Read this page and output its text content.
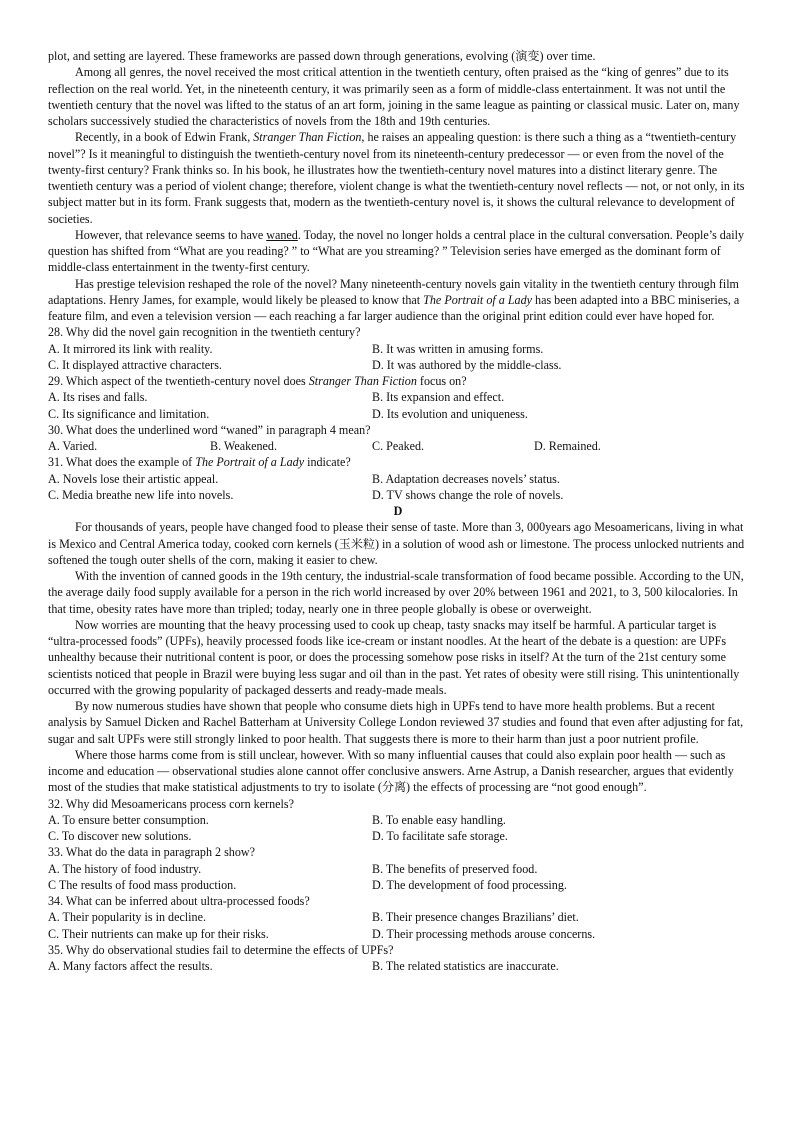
plot, and setting are layered. These frameworks are passed down through generations, evolving (演变) over time.

Among all genres, the novel received the most critical attention in the twentieth century, often praised as the “king of genres” due to its reflection on the real world. Yet, in the nineteenth century, it was primarily seen as a form of middle-class entertainment. It was not until the twentieth century that the novel was lifted to the status of an art form, joining in the same league as painting or classical music. Later on, many scholars successively studied the characteristics of novels from the 18th and 19th centuries.

Recently, in a book of Edwin Frank, Stranger Than Fiction, he raises an appealing question: is there such a thing as a “twentieth-century novel”? Is it meaningful to distinguish the twentieth-century novel from its nineteenth-century predecessor — or even from the novel of the twenty-first century? Frank thinks so. In his book, he illustrates how the twentieth-century novel matures into a distinct literary genre. The twentieth century was a period of violent change; therefore, violent change is what the twentieth-century novel reflects — not, or not only, in its subject matter but in its form. Frank suggests that, modern as the twentieth-century novel is, it shows the cultural relevance to development of societies.

However, that relevance seems to have waned. Today, the novel no longer holds a central place in the cultural conversation. People’s daily question has shifted from “What are you reading? ” to “What are you streaming? ” Television series have emerged as the dominant form of middle-class entertainment in the twenty-first century.

Has prestige television reshaped the role of the novel? Many nineteenth-century novels gain vitality in the twentieth century through film adaptations. Henry James, for example, would likely be pleased to know that The Portrait of a Lady has been adapted into a BBC miniseries, a feature film, and even a television version — each reaching a far larger audience than the original print edition could ever have hoped for.

28. Why did the novel gain recognition in the twentieth century?

A. It mirrored its link with reality.	B. It was written in amusing forms.
C. It displayed attractive characters.	D. It was authored by the middle-class.

29. Which aspect of the twentieth-century novel does Stranger Than Fiction focus on?

A. Its rises and falls.	B. Its expansion and effect.
C. Its significance and limitation.	D. Its evolution and uniqueness.

30. What does the underlined word “waned” in paragraph 4 mean?

A. Varied.	B. Weakened.	C. Peaked.	D. Remained.

31. What does the example of The Portrait of a Lady indicate?

A. Novels lose their artistic appeal.	B. Adaptation decreases novels’ status.
C. Media breathe new life into novels.	D. TV shows change the role of novels.

D

For thousands of years, people have changed food to please their sense of taste. More than 3, 000years ago Mesoamericans, living in what is Mexico and Central America today, cooked corn kernels (玉米粒) in a solution of wood ash or limestone. The process unlocked nutrients and softened the tough outer shells of the corn, making it easier to chew.

With the invention of canned goods in the 19th century, the industrial-scale transformation of food became possible. According to the UN, the average daily food supply available for a person in the rich world increased by over 20% between 1961 and 2021, to 3, 500 kilocalories. In that time, obesity rates have more than tripled; today, nearly one in three people globally is obese or overweight.

Now worries are mounting that the heavy processing used to cook up cheap, tasty snacks may itself be harmful. A particular target is “ultra-processed foods” (UPFs), heavily processed foods like ice-cream or instant noodles. At the heart of the debate is a question: are UPFs unhealthy because their nutritional content is poor, or does the processing somehow pose risks in itself? At the turn of the 21st century some scientists noticed that people in Brazil were buying less sugar and oil than in the past. Yet rates of obesity were still rising. This unintentionally occurred with the growing popularity of packaged desserts and ready-made meals.

By now numerous studies have shown that people who consume diets high in UPFs tend to have more health problems. But a recent analysis by Samuel Dicken and Rachel Batterham at University College London reviewed 37 studies and found that even after adjusting for fat, sugar and salt UPFs were still strongly linked to poor health. That suggests there is more to their harm than just a poor nutrient profile.

Where those harms come from is still unclear, however. With so many influential causes that could also explain poor health — such as income and education — observational studies alone cannot offer conclusive answers. Arne Astrup, a Danish researcher, argues that evidently most of the studies that make statistical adjustments to try to isolate (分离) the effects of processing are “not good enough”.

32. Why did Mesoamericans process corn kernels?

A. To ensure better consumption.	B. To enable easy handling.
C. To discover new solutions.	D. To facilitate safe storage.

33. What do the data in paragraph 2 show?

A. The history of food industry.	B. The benefits of preserved food.
C The results of food mass production.	D. The development of food processing.

34. What can be inferred about ultra-processed foods?

A. Their popularity is in decline.	B. Their presence changes Brazilians’ diet.
C. Their nutrients can make up for their risks.	D. Their processing methods arouse concerns.

35. Why do observational studies fail to determine the effects of UPFs?

A. Many factors affect the results.	B. The related statistics are inaccurate.
